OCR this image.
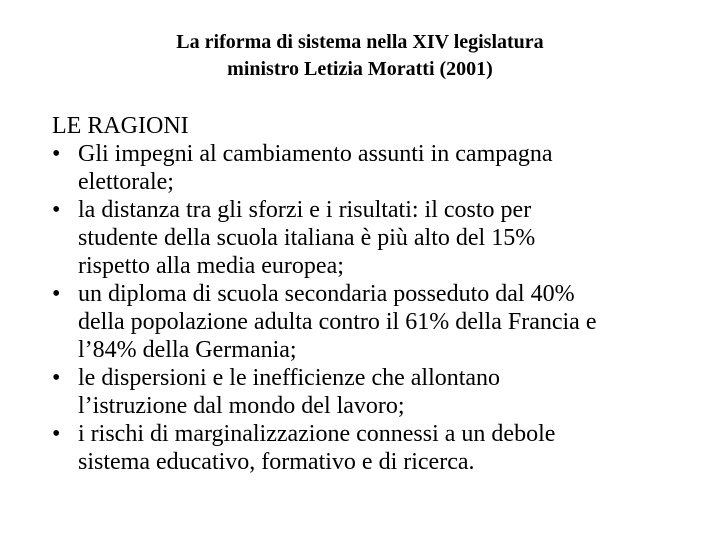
La riforma di sistema nella XIV legislatura
ministro Letizia Moratti (2001)
LE RAGIONI
• Gli impegni al cambiamento assunti in campagna
elettorale;
• la distanza tra gli sforzi e i risultati: il costo per
studente della scuola italiana è più alto del 15%
rispetto alla media europea;
• un diploma di scuola secondaria posseduto dal 40%
della popolazione adulta contro il 61% della Francia e
l’84% della Germania;
• le dispersioni e le inefficienze che allontano
l’istruzione dal mondo del lavoro;
• i rischi di marginalizzazione connessi a un debole
sistema educativo, formativo e di ricerca.
